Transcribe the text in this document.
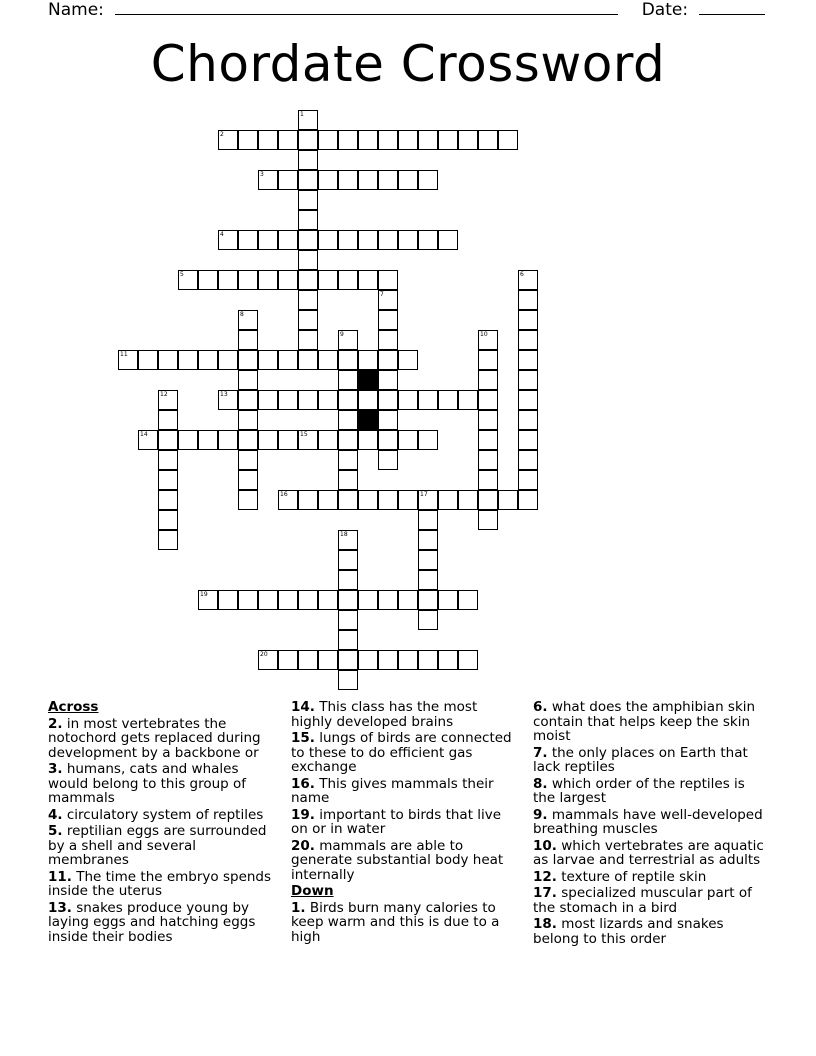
Name:	Date:
Chordate Crossword
2
3
4
5
11
13
14	15
16	17
19
20
1
6
7
8
9	10
12
18
Across
2. in most vertebrates the notochord gets replaced during development by a backbone or
3. humans, cats and whales would belong to this group of mammals
4. circulatory system of reptiles
5. reptilian eggs are surrounded by a shell and several membranes
11. The time the embryo spends inside the uterus
13. snakes produce young by laying eggs and hatching eggs inside their bodies
14. This class has the most highly developed brains
15. lungs of birds are connected to these to do efficient gas exchange
16. This gives mammals their name
19. important to birds that live on or in water
20. mammals are able to generate substantial body heat internally
Down
1. Birds burn many calories to keep warm and this is due to a high
6. what does the amphibian skin contain that helps keep the skin moist
7. the only places on Earth that lack reptiles
8. which order of the reptiles is the largest
9. mammals have well-developed breathing muscles
10. which vertebrates are aquatic as larvae and terrestrial as adults
12. texture of reptile skin
17. specialized muscular part of the stomach in a bird
18. most lizards and snakes belong to this order
